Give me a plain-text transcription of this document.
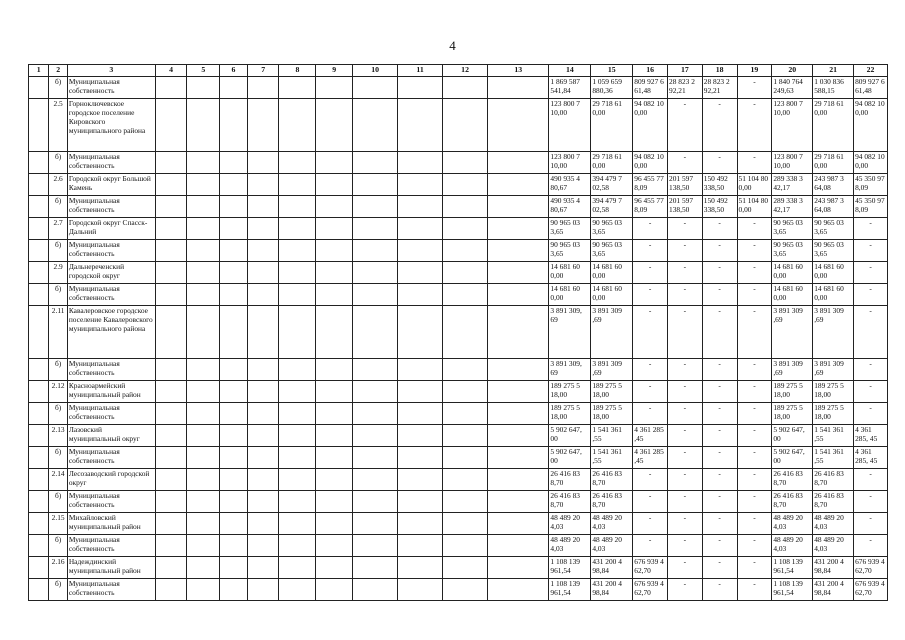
4
1	2	3	4	5	6	7	8	9	10	11	12	13	14	15	16	17	18	19	20	21	22
	б)	Муниципальная собственность											1 869 587 541,84	1 059 659 880,36	809 927 6 61,48	28 823 2 92,21	28 823 2 92,21	-	1 840 764 249,63	1 030 836 588,15	809 927 6 61,48
	2.5	Горноключевское городское поселение Кировского муниципального района											123 800 7 10,00	29 718 61 0,00	94 082 10 0,00	-	-	-	123 800 7 10,00	29 718 61 0,00	94 082 10 0,00
	б)	Муниципальная собственность											123 800 7 10,00	29 718 61 0,00	94 082 10 0,00	-	-	-	123 800 7 10,00	29 718 61 0,00	94 082 10 0,00
	2.6	Городской округ Большой Камень											490 935 4 80,67	394 479 7 02,58	96 455 77 8,09	201 597 138,50	150 492 338,50	51 104 80 0,00	289 338 3 42,17	243 987 3 64,08	45 350 97 8,09
	б)	Муниципальная собственность											490 935 4 80,67	394 479 7 02,58	96 455 77 8,09	201 597 138,50	150 492 338,50	51 104 80 0,00	289 338 3 42,17	243 987 3 64,08	45 350 97 8,09
	2.7	Городской округ Спасск-Дальний											90 965 03 3,65	90 965 03 3,65	-	-	-	-	90 965 03 3,65	90 965 03 3,65	-
	б)	Муниципальная собственность											90 965 03 3,65	90 965 03 3,65	-	-	-	-	90 965 03 3,65	90 965 03 3,65	-
	2.9	Дальнереченский городской округ											14 681 60 0,00	14 681 60 0,00	-	-	-	-	14 681 60 0,00	14 681 60 0,00	-
	б)	Муниципальная собственность											14 681 60 0,00	14 681 60 0,00	-	-	-	-	14 681 60 0,00	14 681 60 0,00	-
	2.11	Кавалеровское городское поселение Кавалеровского муниципального района											3 891 309, 69	3 891 309 ,69	-	-	-	-	3 891 309 ,69	3 891 309 ,69	-
	б)	Муниципальная собственность											3 891 309, 69	3 891 309 ,69	-	-	-	-	3 891 309 ,69	3 891 309 ,69	-
	2.12	Красноармейский муниципальный район											189 275 5 18,00	189 275 5 18,00	-	-	-	-	189 275 5 18,00	189 275 5 18,00	-
	б)	Муниципальная собственность											189 275 5 18,00	189 275 5 18,00	-	-	-	-	189 275 5 18,00	189 275 5 18,00	-
	2.13	Лазовский муниципальный округ											5 902 647, 00	1 541 361 ,55	4 361 285 ,45	-	-	-	5 902 647, 00	1 541 361 ,55	4 361 285, 45
	б)	Муниципальная собственность											5 902 647, 00	1 541 361 ,55	4 361 285 ,45	-	-	-	5 902 647, 00	1 541 361 ,55	4 361 285, 45
	2.14	Лесозаводский городской округ											26 416 83 8,70	26 416 83 8,70	-	-	-	-	26 416 83 8,70	26 416 83 8,70	-
	б)	Муниципальная собственность											26 416 83 8,70	26 416 83 8,70	-	-	-	-	26 416 83 8,70	26 416 83 8,70	-
	2.15	Михайловский муниципальный район											48 489 20 4,03	48 489 20 4,03	-	-	-	-	48 489 20 4,03	48 489 20 4,03	-
	б)	Муниципальная собственность											48 489 20 4,03	48 489 20 4,03	-	-	-	-	48 489 20 4,03	48 489 20 4,03	-
	2.16	Надеждинский муниципальный район											1 108 139 961,54	431 200 4 98,84	676 939 4 62,70	-	-	-	1 108 139 961,54	431 200 4 98,84	676 939 4 62,70
	б)	Муниципальная собственность											1 108 139 961,54	431 200 4 98,84	676 939 4 62,70	-	-	-	1 108 139 961,54	431 200 4 98,84	676 939 4 62,70
